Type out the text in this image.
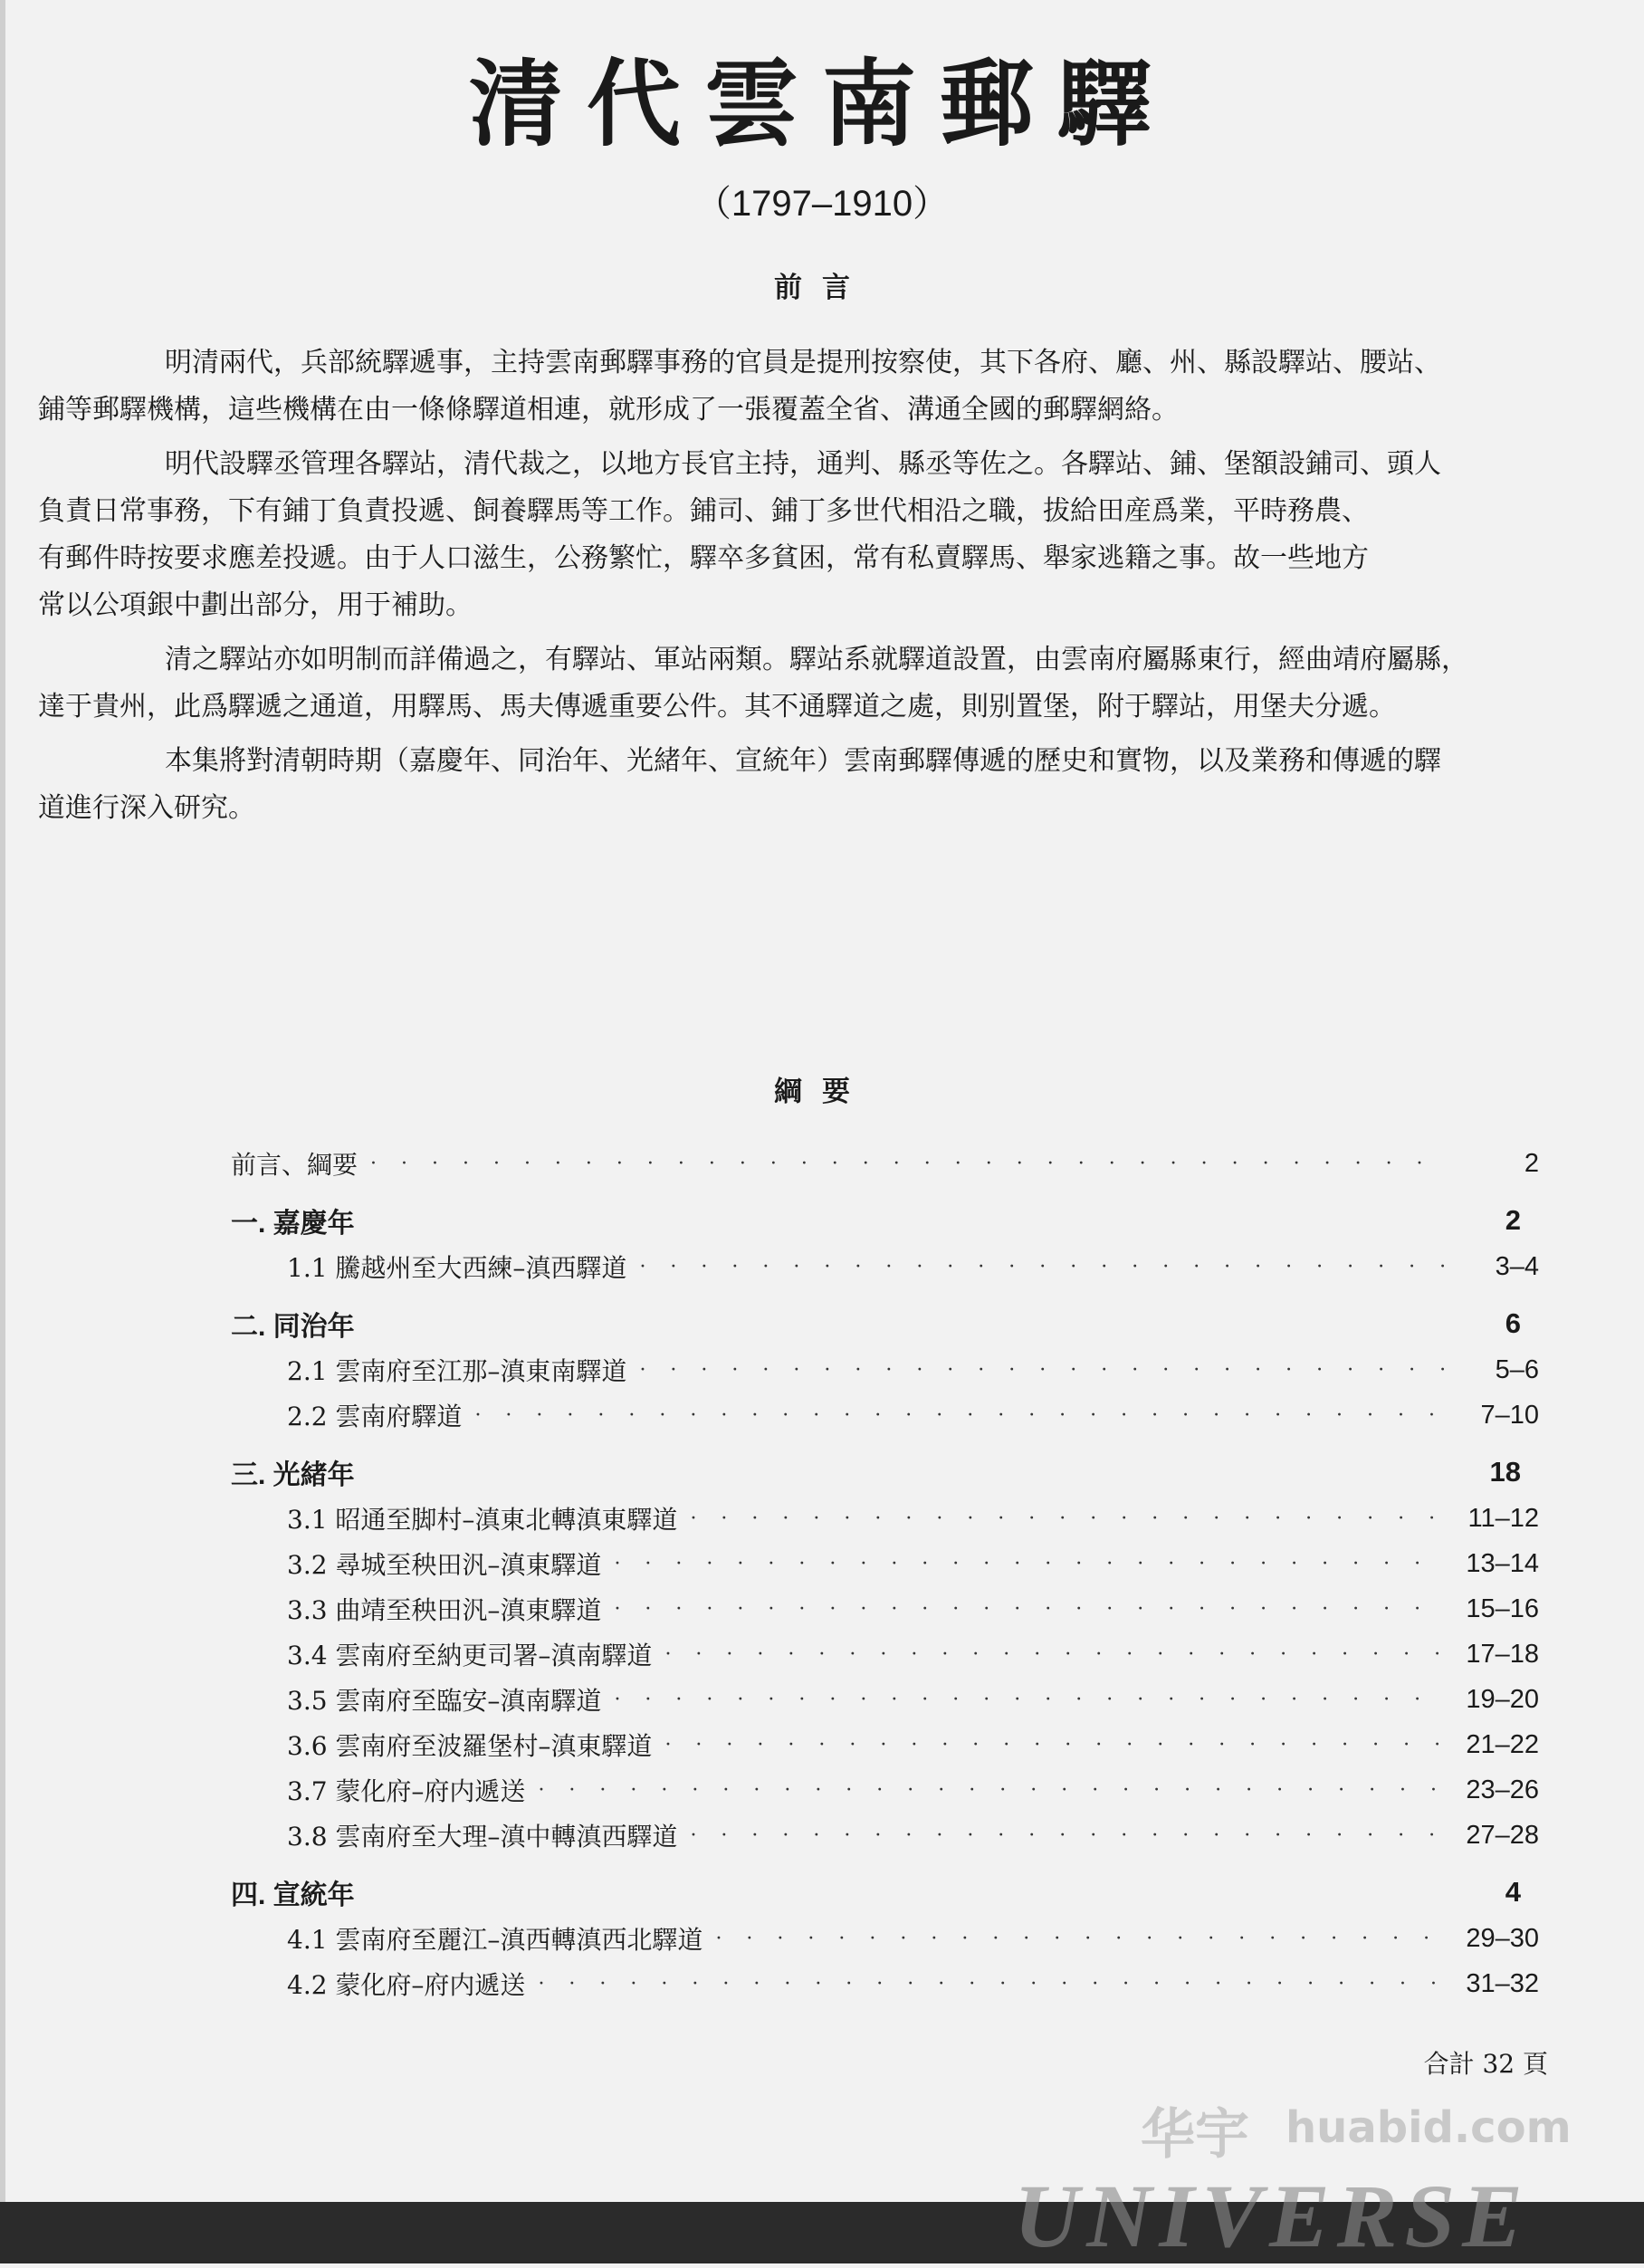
清代雲南郵驛
（1797–1910）
前言
明清兩代，兵部統驛遞事，主持雲南郵驛事務的官員是提刑按察使，其下各府、廳、州、縣設驛站、腰站、
鋪等郵驛機構，這些機構在由一條條驛道相連，就形成了一張覆蓋全省、溝通全國的郵驛網絡。
明代設驛丞管理各驛站，清代裁之，以地方長官主持，通判、縣丞等佐之。各驛站、鋪、堡額設鋪司、頭人
負責日常事務，下有鋪丁負責投遞、飼養驛馬等工作。鋪司、鋪丁多世代相沿之職，拔給田産爲業，平時務農、
有郵件時按要求應差投遞。由于人口滋生，公務繁忙，驛卒多貧困，常有私賣驛馬、舉家逃籍之事。故一些地方
常以公項銀中劃出部分，用于補助。
清之驛站亦如明制而詳備過之，有驛站、軍站兩類。驛站系就驛道設置，由雲南府屬縣東行，經曲靖府屬縣，
達于貴州，此爲驛遞之通道，用驛馬、馬夫傳遞重要公件。其不通驛道之處，則别置堡，附于驛站，用堡夫分遞。
本集將對清朝時期（嘉慶年、同治年、光緒年、宣統年）雲南郵驛傳遞的歷史和實物，以及業務和傳遞的驛
道進行深入研究。
綱要
前言、綱要 · · ·	2
一. 嘉慶年	2
1.1 騰越州至大西練–滇西驛道 · · ·	3–4
二. 同治年	6
2.1 雲南府至江那–滇東南驛道 · · ·	5–6
2.2 雲南府驛道 · · ·	7–10
三. 光緒年	18
3.1 昭通至脚村–滇東北轉滇東驛道 · · ·	11–12
3.2 尋城至秧田汎–滇東驛道 · · ·	13–14
3.3 曲靖至秧田汎–滇東驛道 · · ·	15–16
3.4 雲南府至納更司署–滇南驛道 · · ·	17–18
3.5 雲南府至臨安–滇南驛道 · · ·	19–20
3.6 雲南府至波羅堡村–滇東驛道 · · ·	21–22
3.7 蒙化府–府内遞送 · · ·	23–26
3.8 雲南府至大理–滇中轉滇西驛道 · · ·	27–28
四. 宣統年	4
4.1 雲南府至麗江–滇西轉滇西北驛道 · · ·	29–30
4.2 蒙化府–府内遞送 · · ·	31–32
合計 32 頁
华宇 huabid.com
UNIVERSE
